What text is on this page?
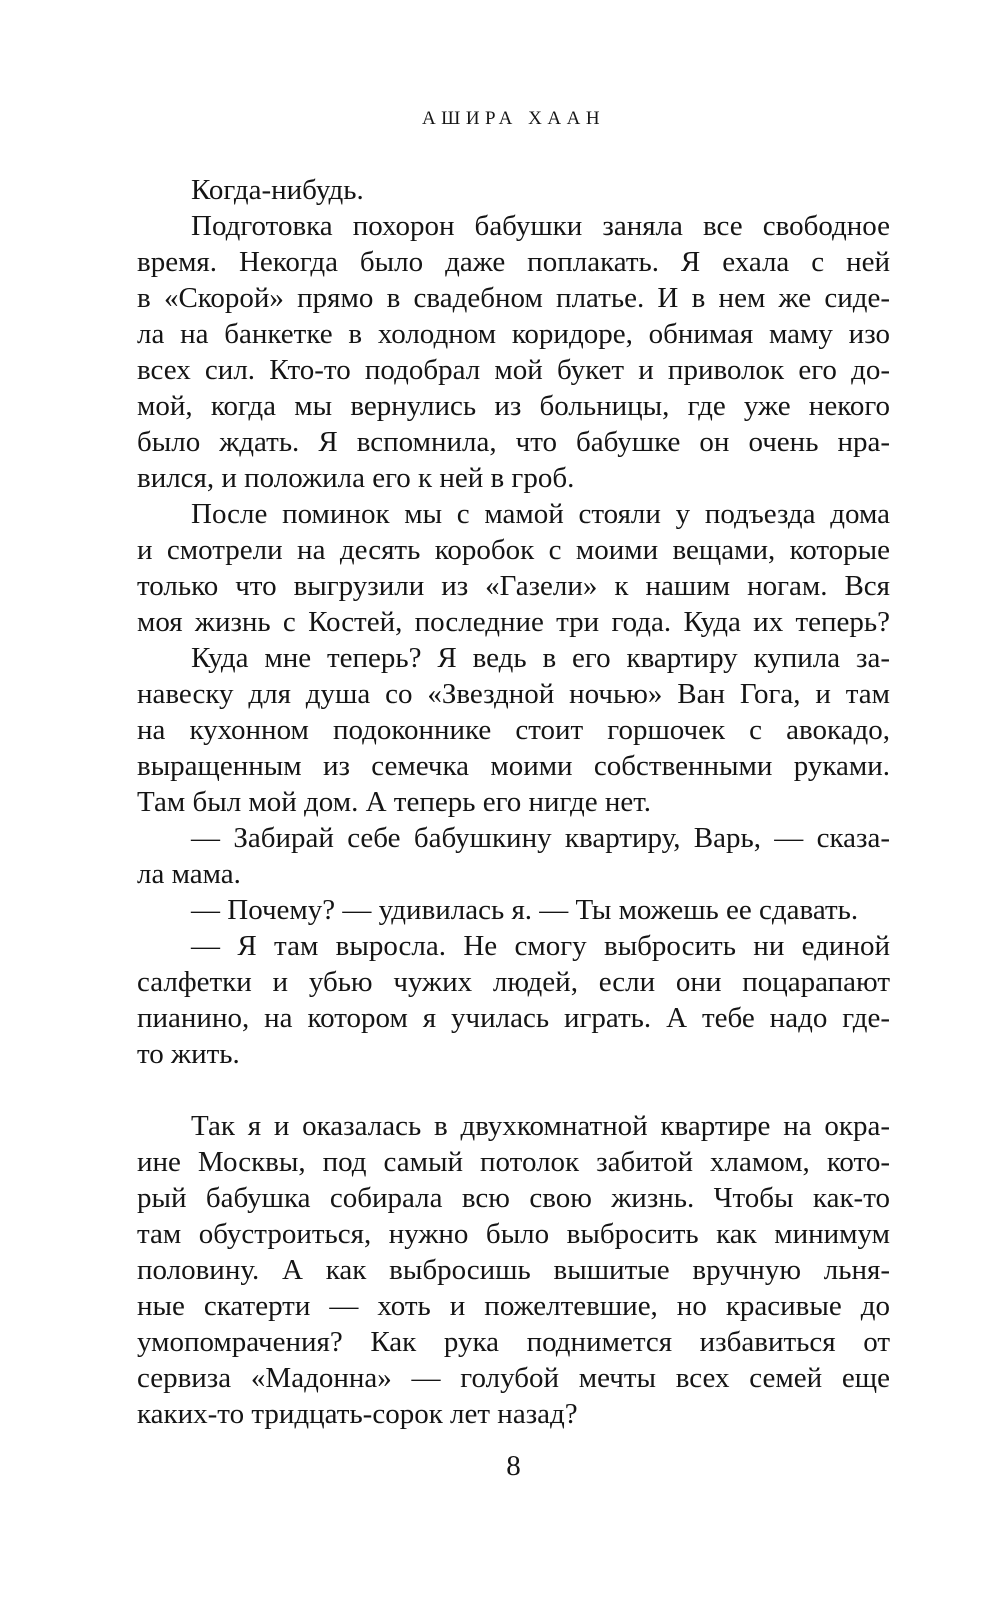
АШИРА ХААН
Когда-нибудь.
Подготовка похорон бабушки заняла все свободное
время. Некогда было даже поплакать. Я ехала с ней
в «Скорой» прямо в свадебном платье. И в нем же сиде-
ла на банкетке в холодном коридоре, обнимая маму изо
всех сил. Кто-то подобрал мой букет и приволок его до-
мой, когда мы вернулись из больницы, где уже некого
было ждать. Я вспомнила, что бабушке он очень нра-
вился, и положила его к ней в гроб.
После поминок мы с мамой стояли у подъезда дома
и смотрели на десять коробок с моими вещами, которые
только что выгрузили из «Газели» к нашим ногам. Вся
моя жизнь с Костей, последние три года. Куда их теперь?
Куда мне теперь? Я ведь в его квартиру купила за-
навеску для душа со «Звездной ночью» Ван Гога, и там
на кухонном подоконнике стоит горшочек с авокадо,
выращенным из семечка моими собственными руками.
Там был мой дом. А теперь его нигде нет.
— Забирай себе бабушкину квартиру, Варь, — сказа-
ла мама.
— Почему? — удивилась я. — Ты можешь ее сдавать.
— Я там выросла. Не смогу выбросить ни единой
салфетки и убью чужих людей, если они поцарапают
пианино, на котором я училась играть. А тебе надо где-
то жить.
Так я и оказалась в двухкомнатной квартире на окра-
ине Москвы, под самый потолок забитой хламом, кото-
рый бабушка собирала всю свою жизнь. Чтобы как-то
там обустроиться, нужно было выбросить как минимум
половину. А как выбросишь вышитые вручную льня-
ные скатерти — хоть и пожелтевшие, но красивые до
умопомрачения? Как рука поднимется избавиться от
сервиза «Мадонна» — голубой мечты всех семей еще
каких-то тридцать-сорок лет назад?
8
